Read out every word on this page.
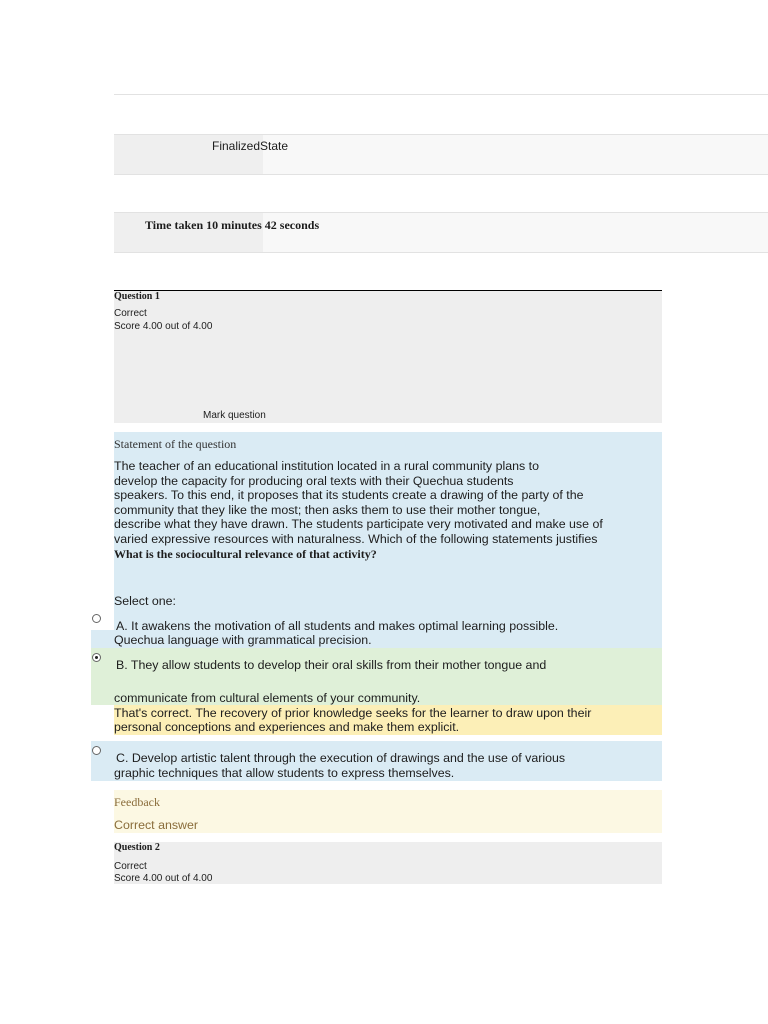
FinalizedState
Time taken 10 minutes 42 seconds
Question 1
Correct
Score 4.00 out of 4.00
Mark question
Statement of the question
The teacher of an educational institution located in a rural community plans to
develop the capacity for producing oral texts with their Quechua students
speakers. To this end, it proposes that its students create a drawing of the party of the
community that they like the most; then asks them to use their mother tongue,
describe what they have drawn. The students participate very motivated and make use of
varied expressive resources with naturalness. Which of the following statements justifies
What is the sociocultural relevance of that activity?
Select one:
A. It awakens the motivation of all students and makes optimal learning possible.
Quechua language with grammatical precision.
B. They allow students to develop their oral skills from their mother tongue and
communicate from cultural elements of your community.
That's correct. The recovery of prior knowledge seeks for the learner to draw upon their
personal conceptions and experiences and make them explicit.
C. Develop artistic talent through the execution of drawings and the use of various
graphic techniques that allow students to express themselves.
Feedback
Correct answer
Question 2
Correct
Score 4.00 out of 4.00
